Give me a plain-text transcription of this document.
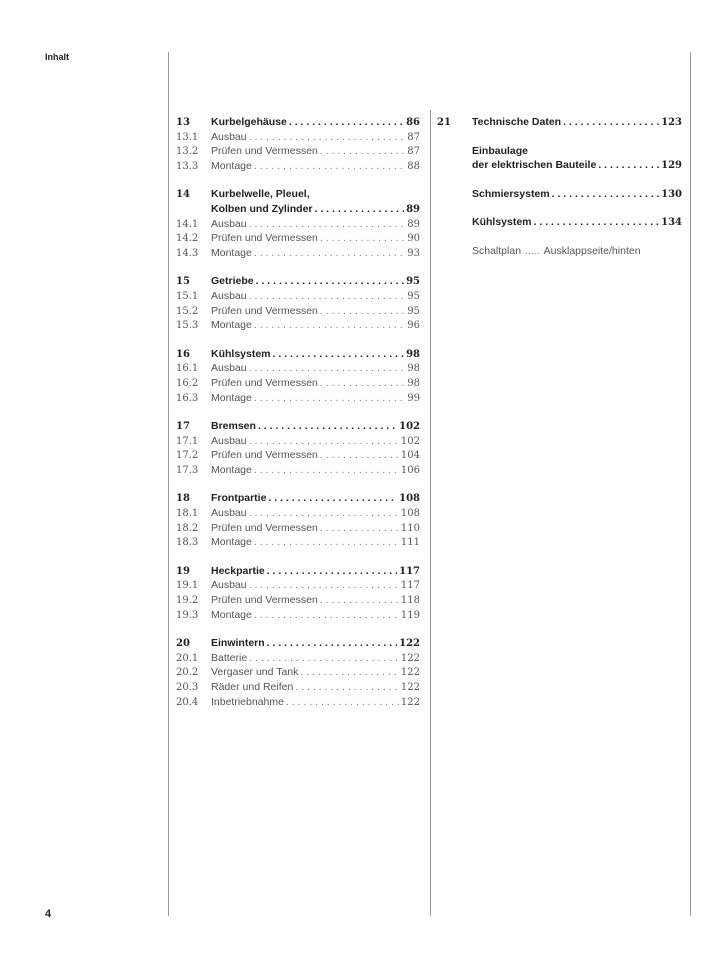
Inhalt
4
13	Kurbelgehäuse . . .	86
13.1	Ausbau . . .	87
13.2	Prüfen und Vermessen . . .	87
13.3	Montage . . .	88
14	Kurbelwelle, Pleuel,
Kolben und Zylinder . . .	89
14.1	Ausbau . . .	89
14.2	Prüfen und Vermessen . . .	90
14.3	Montage . . .	93
15	Getriebe . . .	95
15.1	Ausbau . . .	95
15.2	Prüfen und Vermessen . . .	95
15.3	Montage . . .	96
16	Kühlsystem . . .	98
16.1	Ausbau . . .	98
16.2	Prüfen und Vermessen . . .	98
16.3	Montage . . .	99
17	Bremsen . . .	102
17.1	Ausbau . . .	102
17.2	Prüfen und Vermessen . . .	104
17.3	Montage . . .	106
18	Frontpartie . . .	108
18.1	Ausbau . . .	108
18.2	Prüfen und Vermessen . . .	110
18.3	Montage . . .	111
19	Heckpartie . . .	117
19.1	Ausbau . . .	117
19.2	Prüfen und Vermessen . . .	118
19.3	Montage . . .	119
20	Einwintern . . .	122
20.1	Batterie . . .	122
20.2	Vergaser und Tank . . .	122
20.3	Räder und Reifen . . .	122
20.4	Inbetriebnahme . . .	122
21	Technische Daten . . .	123
Einbaulage
der elektrischen Bauteile . . .	129
Schmiersystem . . .	130
Kühlsystem . . .	134
Schaltplan ..... Ausklappseite/hinten
